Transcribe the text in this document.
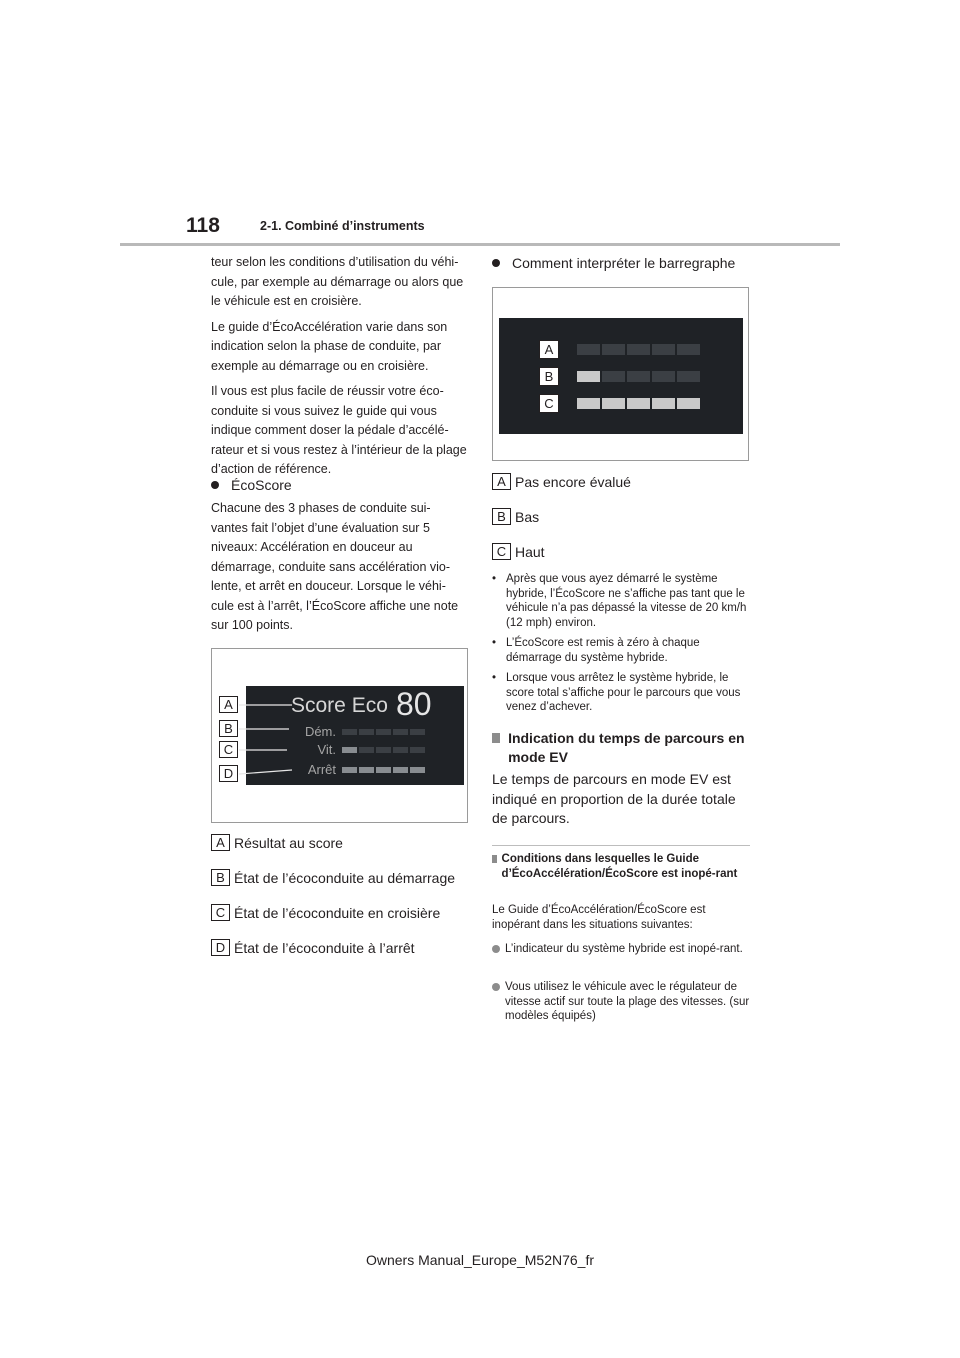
118	2-1. Combiné d’instruments

teur selon les conditions d’utilisation du véhi-cule, par exemple au démarrage ou alors que le véhicule est en croisière.

Le guide d’ÉcoAccélération varie dans son indication selon la phase de conduite, par exemple au démarrage ou en croisière.

Il vous est plus facile de réussir votre éco-conduite si vous suivez le guide qui vous indique comment doser la pédale d’accélé-rateur et si vous restez à l’intérieur de la plage d’action de référence.

ÉcoScore
Chacune des 3 phases de conduite sui-vantes fait l’objet d’une évaluation sur 5 niveaux: Accélération en douceur au démarrage, conduite sans accélération vio-lente, et arrêt en douceur. Lorsque le véhi-cule est à l’arrêt, l’ÉcoScore affiche une note sur 100 points.
Score Eco 80
Dém.
Vit.
Arrêt
A
B
C
D
A Résultat au score
B État de l’écoconduite au démarrage
C État de l’écoconduite en croisière
D État de l’écoconduite à l’arrêt
Comment interpréter le barregraphe
A
B
C
A Pas encore évalué
B Bas
C Haut
• Après que vous ayez démarré le système hybride, l’ÉcoScore ne s’affiche pas tant que le véhicule n’a pas dépassé la vitesse de 20 km/h (12 mph) environ.
• L’ÉcoScore est remis à zéro à chaque démarrage du système hybride.
• Lorsque vous arrêtez le système hybride, le score total s’affiche pour le parcours que vous venez d’achever.
Indication du temps de parcours en mode EV
Le temps de parcours en mode EV est indiqué en proportion de la durée totale de parcours.
Conditions dans lesquelles le Guide d’ÉcoAccélération/ÉcoScore est inopé-rant
Le Guide d’ÉcoAccélération/ÉcoScore est inopérant dans les situations suivantes:
L’indicateur du système hybride est inopé-rant.
Vous utilisez le véhicule avec le régulateur de vitesse actif sur toute la plage des vitesses. (sur modèles équipés)
Owners Manual_Europe_M52N76_fr
